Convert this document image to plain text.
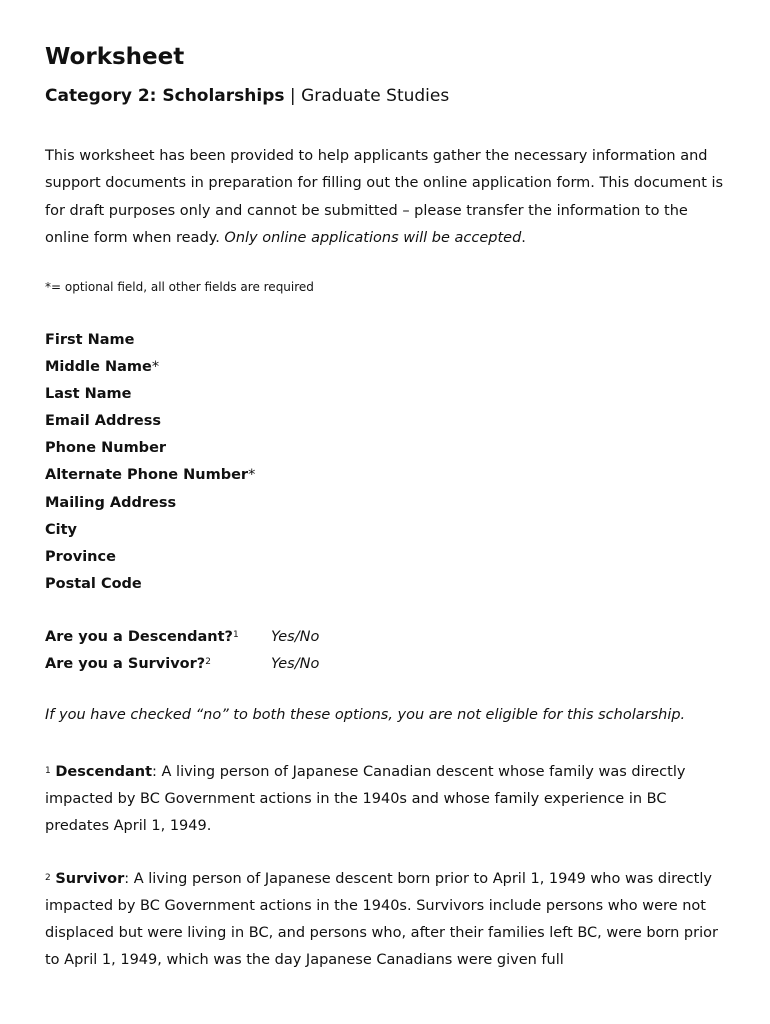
Worksheet

Category 2: Scholarships | Graduate Studies

This worksheet has been provided to help applicants gather the necessary information and support documents in preparation for filling out the online application form. This document is for draft purposes only and cannot be submitted – please transfer the information to the online form when ready. Only online applications will be accepted.

*= optional field, all other fields are required

First Name
Middle Name*
Last Name
Email Address
Phone Number
Alternate Phone Number*
Mailing Address
City
Province
Postal Code
Are you a Descendant?$^1$ Yes/No
Are you a Survivor?$^2$	Yes/No

If you have checked “no” to both these options, you are not eligible for this scholarship.

$^1$ Descendant: A living person of Japanese Canadian descent whose family was directly impacted by BC Government actions in the 1940s and whose family experience in BC predates April 1, 1949.

$^2$ Survivor: A living person of Japanese descent born prior to April 1, 1949 who was directly impacted by BC Government actions in the 1940s. Survivors include persons who were not displaced but were living in BC, and persons who, after their families left BC, were born prior to April 1, 1949, which was the day Japanese Canadians were given full
